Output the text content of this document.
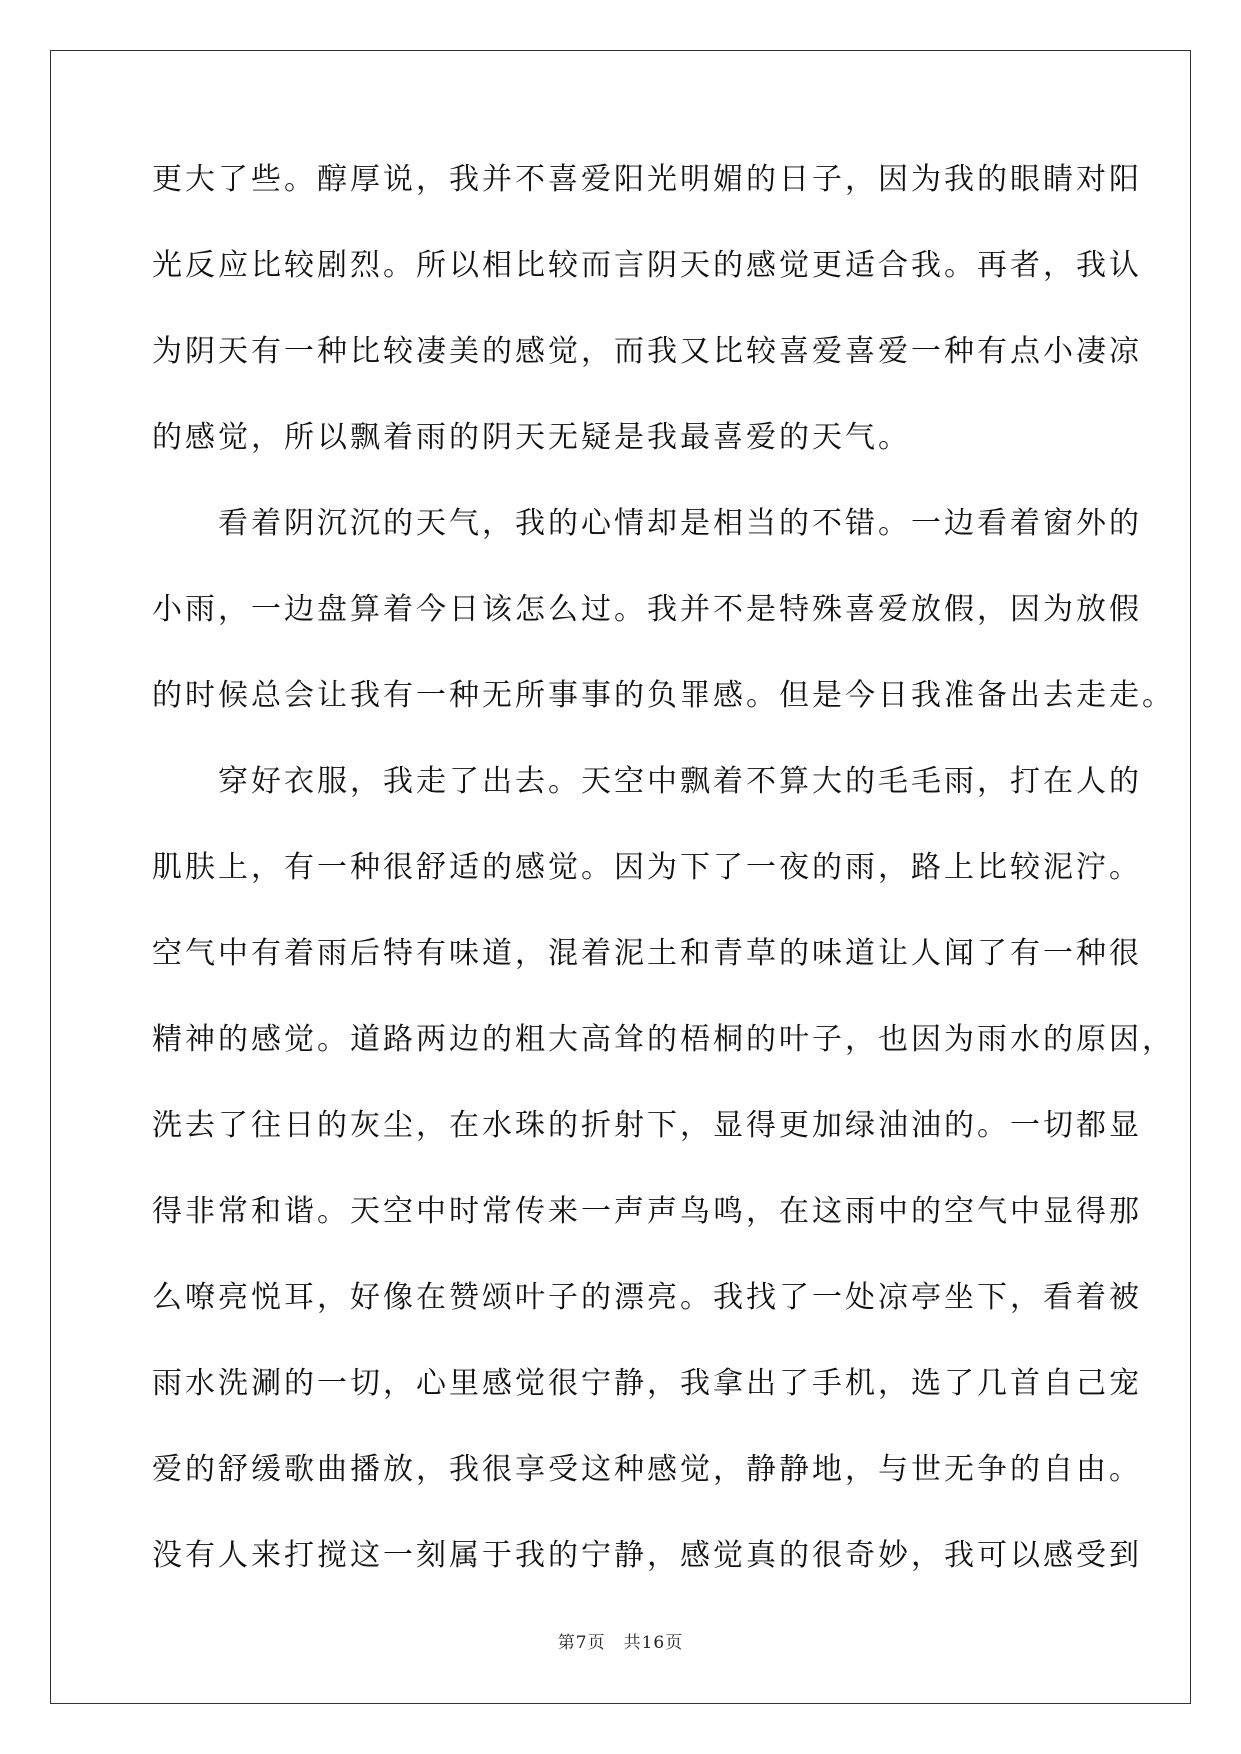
更大了些。醇厚说，我并不喜爱阳光明媚的日子，因为我的眼睛对阳
光反应比较剧烈。所以相比较而言阴天的感觉更适合我。再者，我认
为阴天有一种比较凄美的感觉，而我又比较喜爱喜爱一种有点小凄凉
的感觉，所以飘着雨的阴天无疑是我最喜爱的天气。
　　看着阴沉沉的天气，我的心情却是相当的不错。一边看着窗外的
小雨，一边盘算着今日该怎么过。我并不是特殊喜爱放假，因为放假
的时候总会让我有一种无所事事的负罪感。但是今日我准备出去走走。
　　穿好衣服，我走了出去。天空中飘着不算大的毛毛雨，打在人的
肌肤上，有一种很舒适的感觉。因为下了一夜的雨，路上比较泥泞。
空气中有着雨后特有味道，混着泥土和青草的味道让人闻了有一种很
精神的感觉。道路两边的粗大高耸的梧桐的叶子，也因为雨水的原因，
洗去了往日的灰尘，在水珠的折射下，显得更加绿油油的。一切都显
得非常和谐。天空中时常传来一声声鸟鸣，在这雨中的空气中显得那
么嘹亮悦耳，好像在赞颂叶子的漂亮。我找了一处凉亭坐下，看着被
雨水洗涮的一切，心里感觉很宁静，我拿出了手机，选了几首自己宠
爱的舒缓歌曲播放，我很享受这种感觉，静静地，与世无争的自由。
没有人来打搅这一刻属于我的宁静，感觉真的很奇妙，我可以感受到
第7页　共16页
